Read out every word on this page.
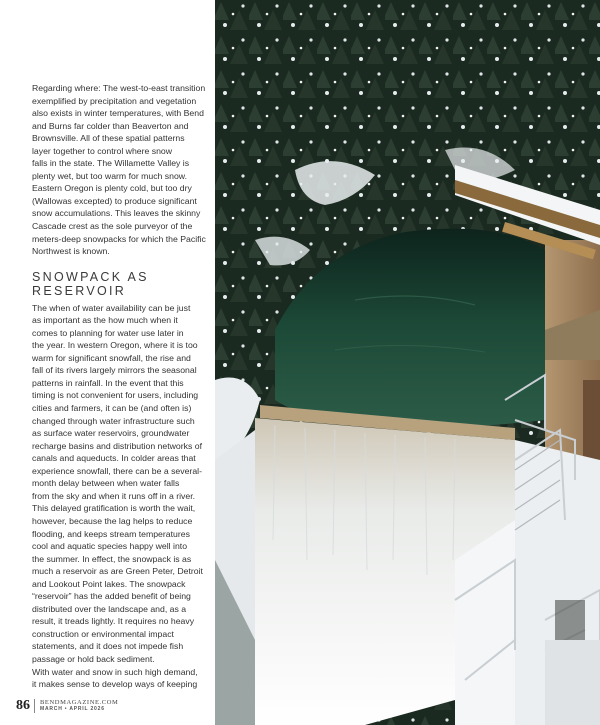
Regarding where: The west-to-east transition
exemplified by precipitation and vegetation
also exists in winter temperatures, with Bend
and Burns far colder than Beaverton and
Brownsville. All of these spatial patterns
layer together to control where snow
falls in the state. The Willamette Valley is
plenty wet, but too warm for much snow.
Eastern Oregon is plenty cold, but too dry
(Wallowas excepted) to produce significant
snow accumulations. This leaves the skinny
Cascade crest as the sole purveyor of the
meters-deep snowpacks for which the Pacific
Northwest is known.

SNOWPACK AS
RESERVOIR

The when of water availability can be just
as important as the how much when it
comes to planning for water use later in
the year. In western Oregon, where it is too
warm for significant snowfall, the rise and
fall of its rivers largely mirrors the seasonal
patterns in rainfall. In the event that this
timing is not convenient for users, including
cities and farmers, it can be (and often is)
changed through water infrastructure such
as surface water reservoirs, groundwater
recharge basins and distribution networks of
canals and aqueducts. In colder areas that
experience snowfall, there can be a several-
month delay between when water falls
from the sky and when it runs off in a river.
This delayed gratification is worth the wait,
however, because the lag helps to reduce
flooding, and keeps stream temperatures
cool and aquatic species happy well into
the summer. In effect, the snowpack is as
much a reservoir as are Green Peter, Detroit
and Lookout Point lakes. The snowpack
“reservoir” has the added benefit of being
distributed over the landscape and, as a
result, it treads lightly. It requires no heavy
construction or environmental impact
statements, and it does not impede fish
passage or hold back sediment.
With water and snow in such high demand,
it makes sense to develop ways of keeping

86 BENDMAGAZINE.COM
MARCH • APRIL 2026
